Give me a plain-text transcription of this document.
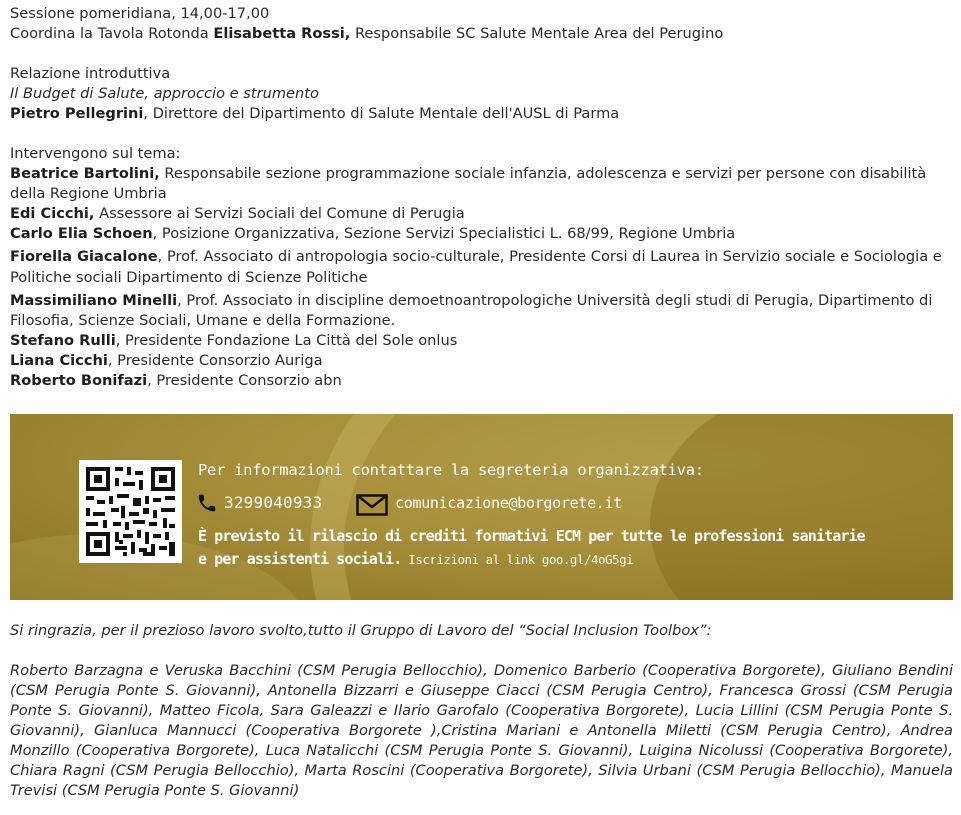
Sessione pomeridiana, 14,00-17,00

Coordina la Tavola Rotonda Elisabetta Rossi, Responsabile SC Salute Mentale Area del Perugino

Relazione introduttiva

Il Budget di Salute, approccio e strumento

Pietro Pellegrini, Direttore del Dipartimento di Salute Mentale dell'AUSL di Parma

Intervengono sul tema:

Beatrice Bartolini, Responsabile sezione programmazione sociale infanzia, adolescenza e servizi per persone con disabilità della Regione Umbria

Edi Cicchi, Assessore ai Servizi Sociali del Comune di Perugia

Carlo Elia Schoen, Posizione Organizzativa, Sezione Servizi Specialistici L. 68/99, Regione Umbria

Fiorella Giacalone, Prof. Associato di antropologia socio-culturale, Presidente Corsi di Laurea in Servizio sociale e Sociologia e Politiche sociali Dipartimento di Scienze Politiche

Massimiliano Minelli, Prof. Associato in discipline demoetnoantropologiche Università degli studi di Perugia, Dipartimento di Filosofia, Scienze Sociali, Umane e della Formazione.

Stefano Rulli, Presidente Fondazione La Città del Sole onlus

Liana Cicchi, Presidente Consorzio Auriga

Roberto Bonifazi, Presidente Consorzio abn

Per informazioni contattare la segreteria organizzativa:
3299040933	comunicazione@borgorete.it
È previsto il rilascio di crediti formativi ECM per tutte le professioni sanitarie
e per assistenti sociali. Iscrizioni al link goo.gl/4oG5gi

Si ringrazia, per il prezioso lavoro svolto,tutto il Gruppo di Lavoro del “Social Inclusion Toolbox”:

Roberto Barzagna e Veruska Bacchini (CSM Perugia Bellocchio), Domenico Barberio (Cooperativa Borgorete), Giuliano Bendini (CSM Perugia Ponte S. Giovanni), Antonella Bizzarri e Giuseppe Ciacci (CSM Perugia Centro), Francesca Grossi (CSM Perugia Ponte S. Giovanni), Matteo Ficola, Sara Galeazzi e Ilario Garofalo (Cooperativa Borgorete), Lucia Lillini (CSM Perugia Ponte S. Giovanni), Gianluca Mannucci (Cooperativa Borgorete ),Cristina Mariani e Antonella Miletti (CSM Perugia Centro), Andrea Monzillo (Cooperativa Borgorete), Luca Natalicchi (CSM Perugia Ponte S. Giovanni), Luigina Nicolussi (Cooperativa Borgorete), Chiara Ragni (CSM Perugia Bellocchio), Marta Roscini (Cooperativa Borgorete), Silvia Urbani (CSM Perugia Bellocchio), Manuela Trevisi (CSM Perugia Ponte S. Giovanni)
